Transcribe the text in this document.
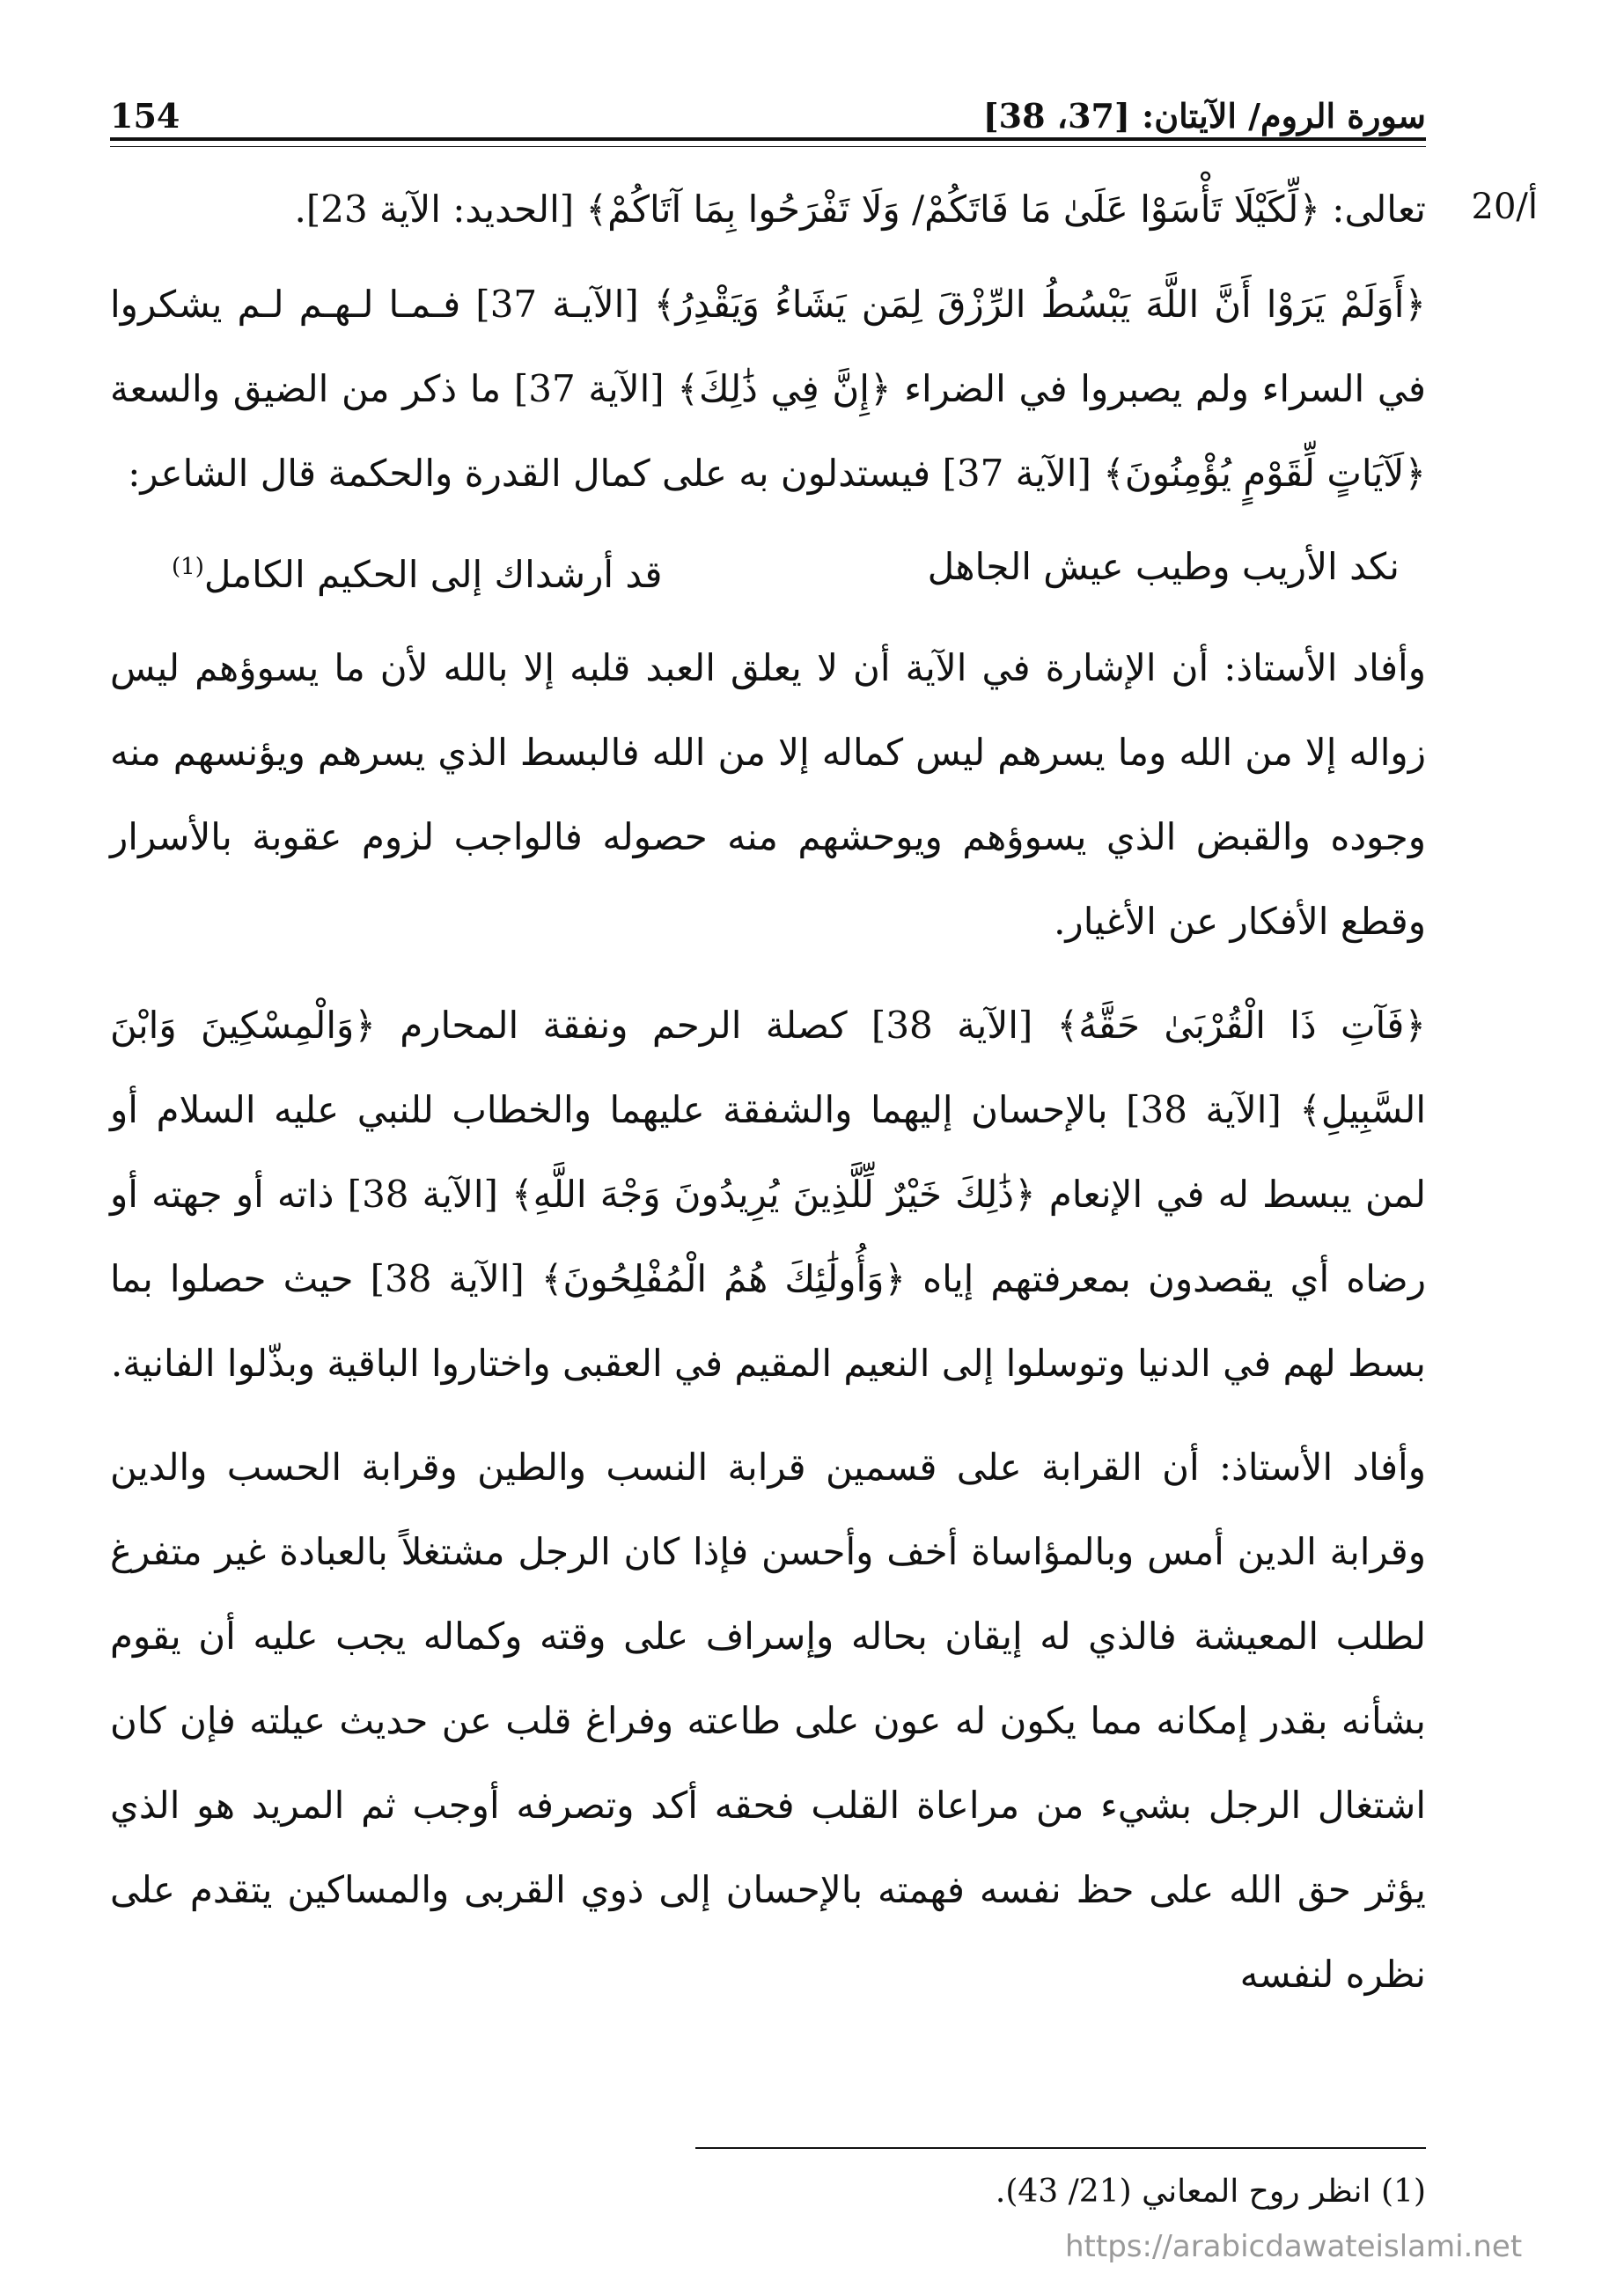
سورة الروم/ الآيتان: [37، 38]
154
20/أ

تعالى: ﴿لِّكَيْلَا تَأْسَوْا عَلَىٰ مَا فَاتَكُمْ/ وَلَا تَفْرَحُوا بِمَا آتَاكُمْ﴾ [الحديد: الآية 23].

﴿أَوَلَمْ يَرَوْا أَنَّ اللَّهَ يَبْسُطُ الرِّزْقَ لِمَن يَشَاءُ وَيَقْدِرُ﴾ [الآيـة 37] فـمـا لـهـم لـم يشكروا في السراء ولم يصبروا في الضراء ﴿إِنَّ فِي ذَٰلِكَ﴾ [الآية 37] ما ذكر من الضيق والسعة ﴿لَآيَاتٍ لِّقَوْمٍ يُؤْمِنُونَ﴾ [الآية 37] فيستدلون به على كمال القدرة والحكمة قال الشاعر:

نكد الأريب وطيب عيش الجاهل
قد أرشداك إلى الحكيم الكامل$^{(1)}$

وأفاد الأستاذ: أن الإشارة في الآية أن لا يعلق العبد قلبه إلا بالله لأن ما يسوؤهم ليس زواله إلا من الله وما يسرهم ليس كماله إلا من الله فالبسط الذي يسرهم ويؤنسهم منه وجوده والقبض الذي يسوؤهم ويوحشهم منه حصوله فالواجب لزوم عقوبة بالأسرار وقطع الأفكار عن الأغيار.

﴿فَآتِ ذَا الْقُرْبَىٰ حَقَّهُ﴾ [الآية 38] كصلة الرحم ونفقة المحارم ﴿وَالْمِسْكِينَ وَابْنَ السَّبِيلِ﴾ [الآية 38] بالإحسان إليهما والشفقة عليهما والخطاب للنبي عليه السلام أو لمن يبسط له في الإنعام ﴿ذَٰلِكَ خَيْرٌ لِّلَّذِينَ يُرِيدُونَ وَجْهَ اللَّهِ﴾ [الآية 38] ذاته أو جهته أو رضاه أي يقصدون بمعرفتهم إياه ﴿وَأُولَٰئِكَ هُمُ الْمُفْلِحُونَ﴾ [الآية 38] حيث حصلوا بما بسط لهم في الدنيا وتوسلوا إلى النعيم المقيم في العقبى واختاروا الباقية وبذّلوا الفانية.

وأفاد الأستاذ: أن القرابة على قسمين قرابة النسب والطين وقرابة الحسب والدين وقرابة الدين أمس وبالمؤاساة أخف وأحسن فإذا كان الرجل مشتغلاً بالعبادة غير متفرغ لطلب المعيشة فالذي له إيقان بحاله وإسراف على وقته وكماله يجب عليه أن يقوم بشأنه بقدر إمكانه مما يكون له عون على طاعته وفراغ قلب عن حديث عيلته فإن كان اشتغال الرجل بشيء من مراعاة القلب فحقه أكد وتصرفه أوجب ثم المريد هو الذي يؤثر حق الله على حظ نفسه فهمته بالإحسان إلى ذوي القربى والمساكين يتقدم على نظره لنفسه

(1) انظر روح المعاني (21/ 43).
https://arabicdawateislami.net
